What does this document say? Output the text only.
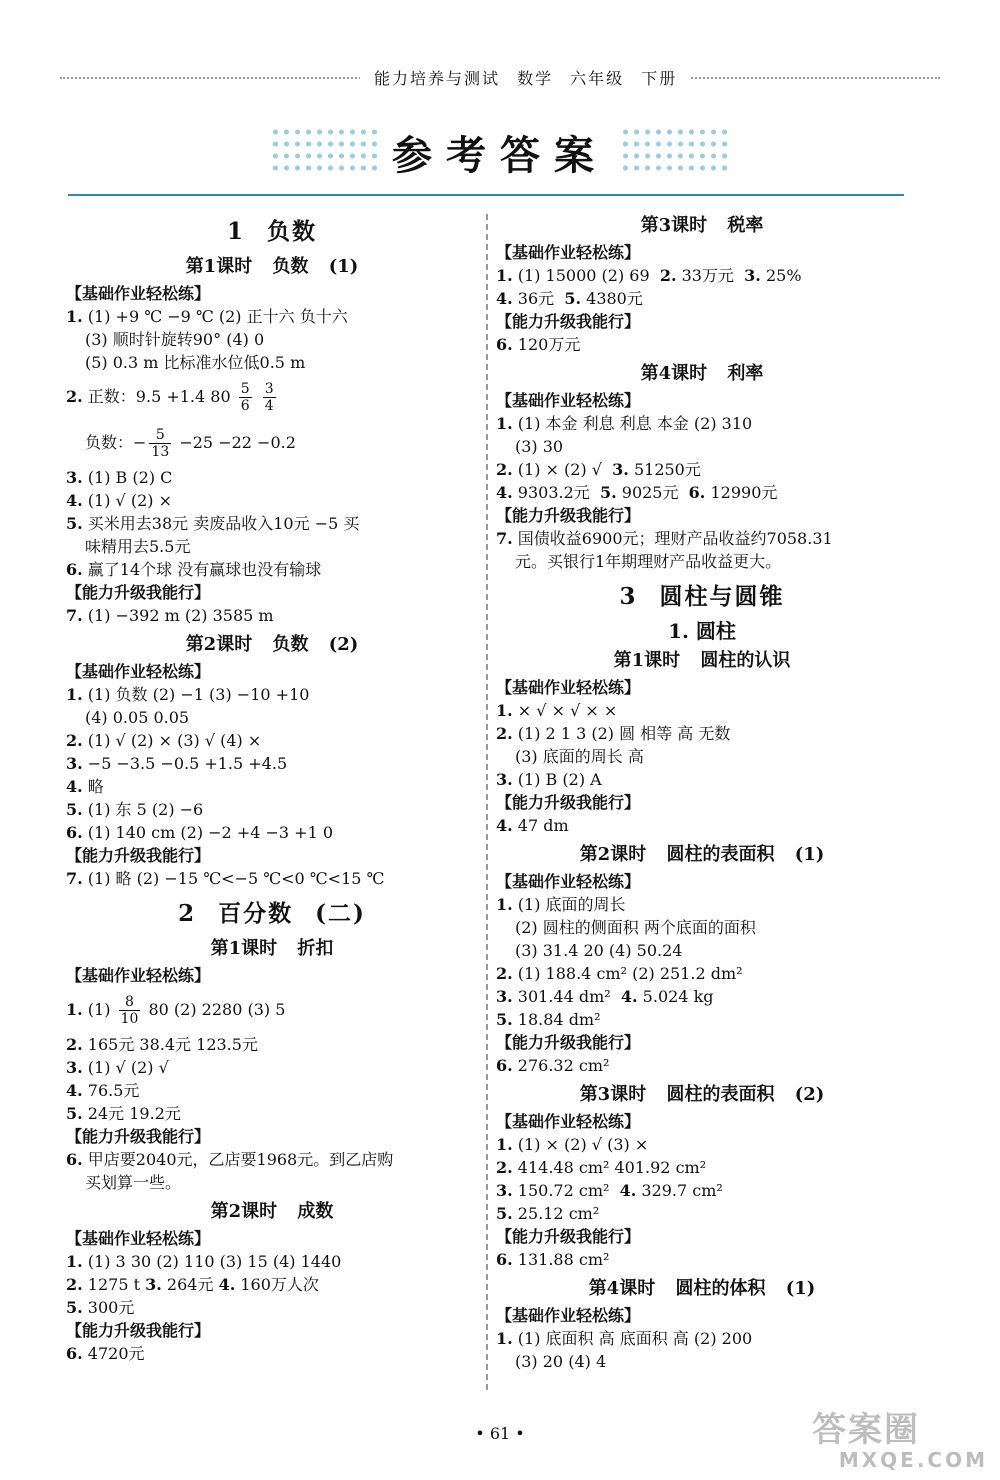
能力培养与测试 数学 六年级 下册
参考答案
1 负数
第1课时 负数 (1)
【基础作业轻松练】
1. (1) +9 ℃ −9 ℃ (2) 正十六 负十六
(3) 顺时针旋转90° (4) 0
(5) 0.3 m 比标准水位低0.5 m
2. 正数：9.5 +1.4 $80 \frac{5}{6}$
$\frac{3}{4}$
负数：− $\frac{5}{13} -25 -22 -0.2$
3. (1) B (2) C
4. (1) √ (2) ×
5. 买米用去38元 卖废品收入10元 −5 买
味精用去5.5元
6. 赢了14个球 没有赢球也没有输球
【能力升级我能行】
7. (1) −392 m (2) 3585 m
第2课时 负数 (2)
【基础作业轻松练】
1. (1) 负数 (2) −1 (3) −10 +10
(4) 0.05 0.05
2. (1) √ (2) × (3) √ (4) ×
3. −5 −3.5 −0.5 +1.5 +4.5
4. 略
5. (1) 东 5 (2) −6
6. (1) 140 cm (2) −2 +4 −3 +1 0
【能力升级我能行】
7. (1) 略 (2) −15 ℃<−5 ℃<0 ℃<15 ℃
2 百分数 (二)
第1课时 折扣
【基础作业轻松练】
1. $(1) \frac{8}{10} 80$ (2) 2280 (3) 5
2. 165元 38.4元 123.5元
3. (1) √ (2) √
4. 76.5元
5. 24元 19.2元
【能力升级我能行】
6. 甲店要2040元，乙店要1968元。到乙店购
买划算一些。
第2课时 成数
【基础作业轻松练】
1. (1) 3 30 (2) 110 (3) 15 (4) 1440
2. 1275 t 3. 264元 4. 160万人次
5. 300元
【能力升级我能行】
6. 4720元
第3课时 税率
【基础作业轻松练】
1. (1) 15000 (2) 69 2. 33万元 3. 25%
4. 36元 5. 4380元
【能力升级我能行】
6. 120万元
第4课时 利率
【基础作业轻松练】
1. (1) 本金 利息 利息 本金 (2) 310
(3) 30
2. (1) × (2) √ 3. 51250元
4. 9303.2元 5. 9025元 6. 12990元
【能力升级我能行】
7. 国债收益6900元；理财产品收益约7058.31
元。买银行1年期理财产品收益更大。
3 圆柱与圆锥
1. 圆柱
第1课时 圆柱的认识
【基础作业轻松练】
1. × √ × √ × ×
2. (1) 2 1 3 (2) 圆 相等 高 无数
(3) 底面的周长 高
3. (1) B (2) A
【能力升级我能行】
4. 47 dm
第2课时 圆柱的表面积 (1)
【基础作业轻松练】
1. (1) 底面的周长
(2) 圆柱的侧面积 两个底面的面积
(3) 31.4 20 (4) 50.24
2. (1) 188.4 cm² (2) 251.2 dm²
3. 301.44 dm² 4. 5.024 kg
5. 18.84 dm²
【能力升级我能行】
6. 276.32 cm²
第3课时 圆柱的表面积 (2)
【基础作业轻松练】
1. (1) × (2) √ (3) ×
2. 414.48 cm² 401.92 cm²
3. 150.72 cm² 4. 329.7 cm²
5. 25.12 cm²
【能力升级我能行】
6. 131.88 cm²
第4课时 圆柱的体积 (1)
【基础作业轻松练】
1. (1) 底面积 高 底面积 高 (2) 200
(3) 20 (4) 4
• 61 •	答案圈
MXQE.COM
